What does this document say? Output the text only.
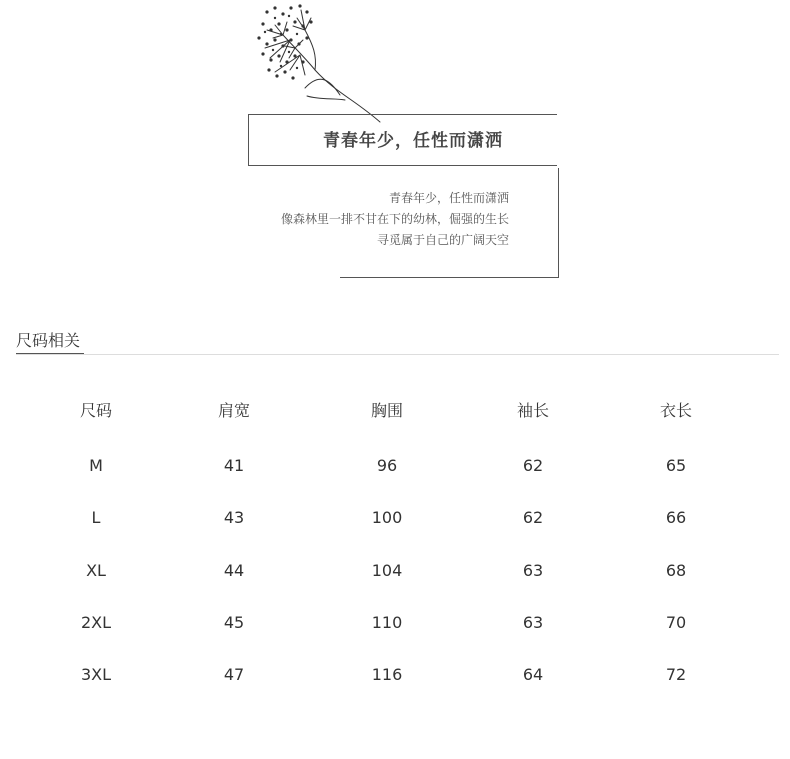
青春年少，任性而潇洒
青春年少，任性而潇洒
像森林里一排不甘在下的幼林，倔强的生长
寻觅属于自己的广阔天空
尺码相关
尺码	肩宽	胸围	袖长	衣长
M	41	96	62	65
L	43	100	62	66
XL	44	104	63	68
2XL	45	110	63	70
3XL	47	116	64	72
